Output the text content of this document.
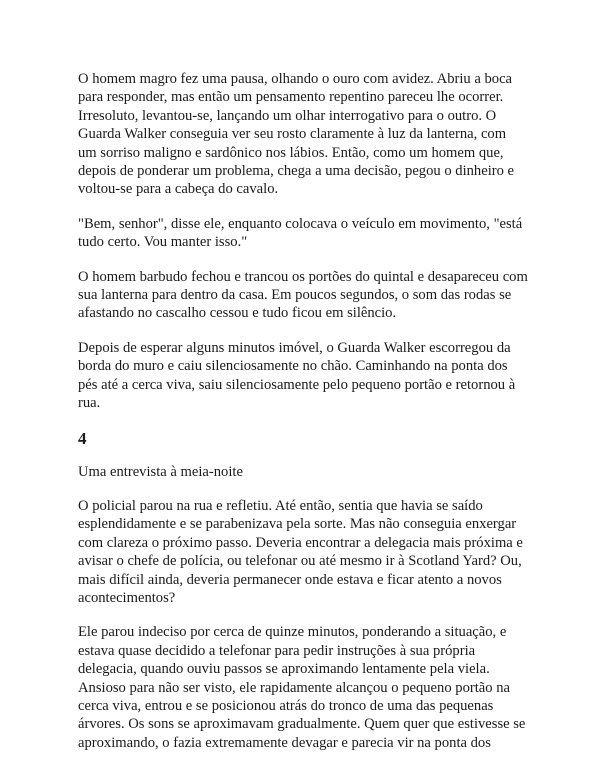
O homem magro fez uma pausa, olhando o ouro com avidez. Abriu a boca para responder, mas então um pensamento repentino pareceu lhe ocorrer. Irresoluto, levantou-se, lançando um olhar interrogativo para o outro. O Guarda Walker conseguia ver seu rosto claramente à luz da lanterna, com um sorriso maligno e sardônico nos lábios. Então, como um homem que, depois de ponderar um problema, chega a uma decisão, pegou o dinheiro e voltou-se para a cabeça do cavalo.

"Bem, senhor", disse ele, enquanto colocava o veículo em movimento, "está tudo certo. Vou manter isso."

O homem barbudo fechou e trancou os portões do quintal e desapareceu com sua lanterna para dentro da casa. Em poucos segundos, o som das rodas se afastando no cascalho cessou e tudo ficou em silêncio.

Depois de esperar alguns minutos imóvel, o Guarda Walker escorregou da borda do muro e caiu silenciosamente no chão. Caminhando na ponta dos pés até a cerca viva, saiu silenciosamente pelo pequeno portão e retornou à rua.

4

Uma entrevista à meia-noite

O policial parou na rua e refletiu. Até então, sentia que havia se saído esplendidamente e se parabenizava pela sorte. Mas não conseguia enxergar com clareza o próximo passo. Deveria encontrar a delegacia mais próxima e avisar o chefe de polícia, ou telefonar ou até mesmo ir à Scotland Yard? Ou, mais difícil ainda, deveria permanecer onde estava e ficar atento a novos acontecimentos?

Ele parou indeciso por cerca de quinze minutos, ponderando a situação, e estava quase decidido a telefonar para pedir instruções à sua própria delegacia, quando ouviu passos se aproximando lentamente pela viela. Ansioso para não ser visto, ele rapidamente alcançou o pequeno portão na cerca viva, entrou e se posicionou atrás do tronco de uma das pequenas árvores. Os sons se aproximavam gradualmente. Quem quer que estivesse se aproximando, o fazia extremamente devagar e parecia vir na ponta dos
